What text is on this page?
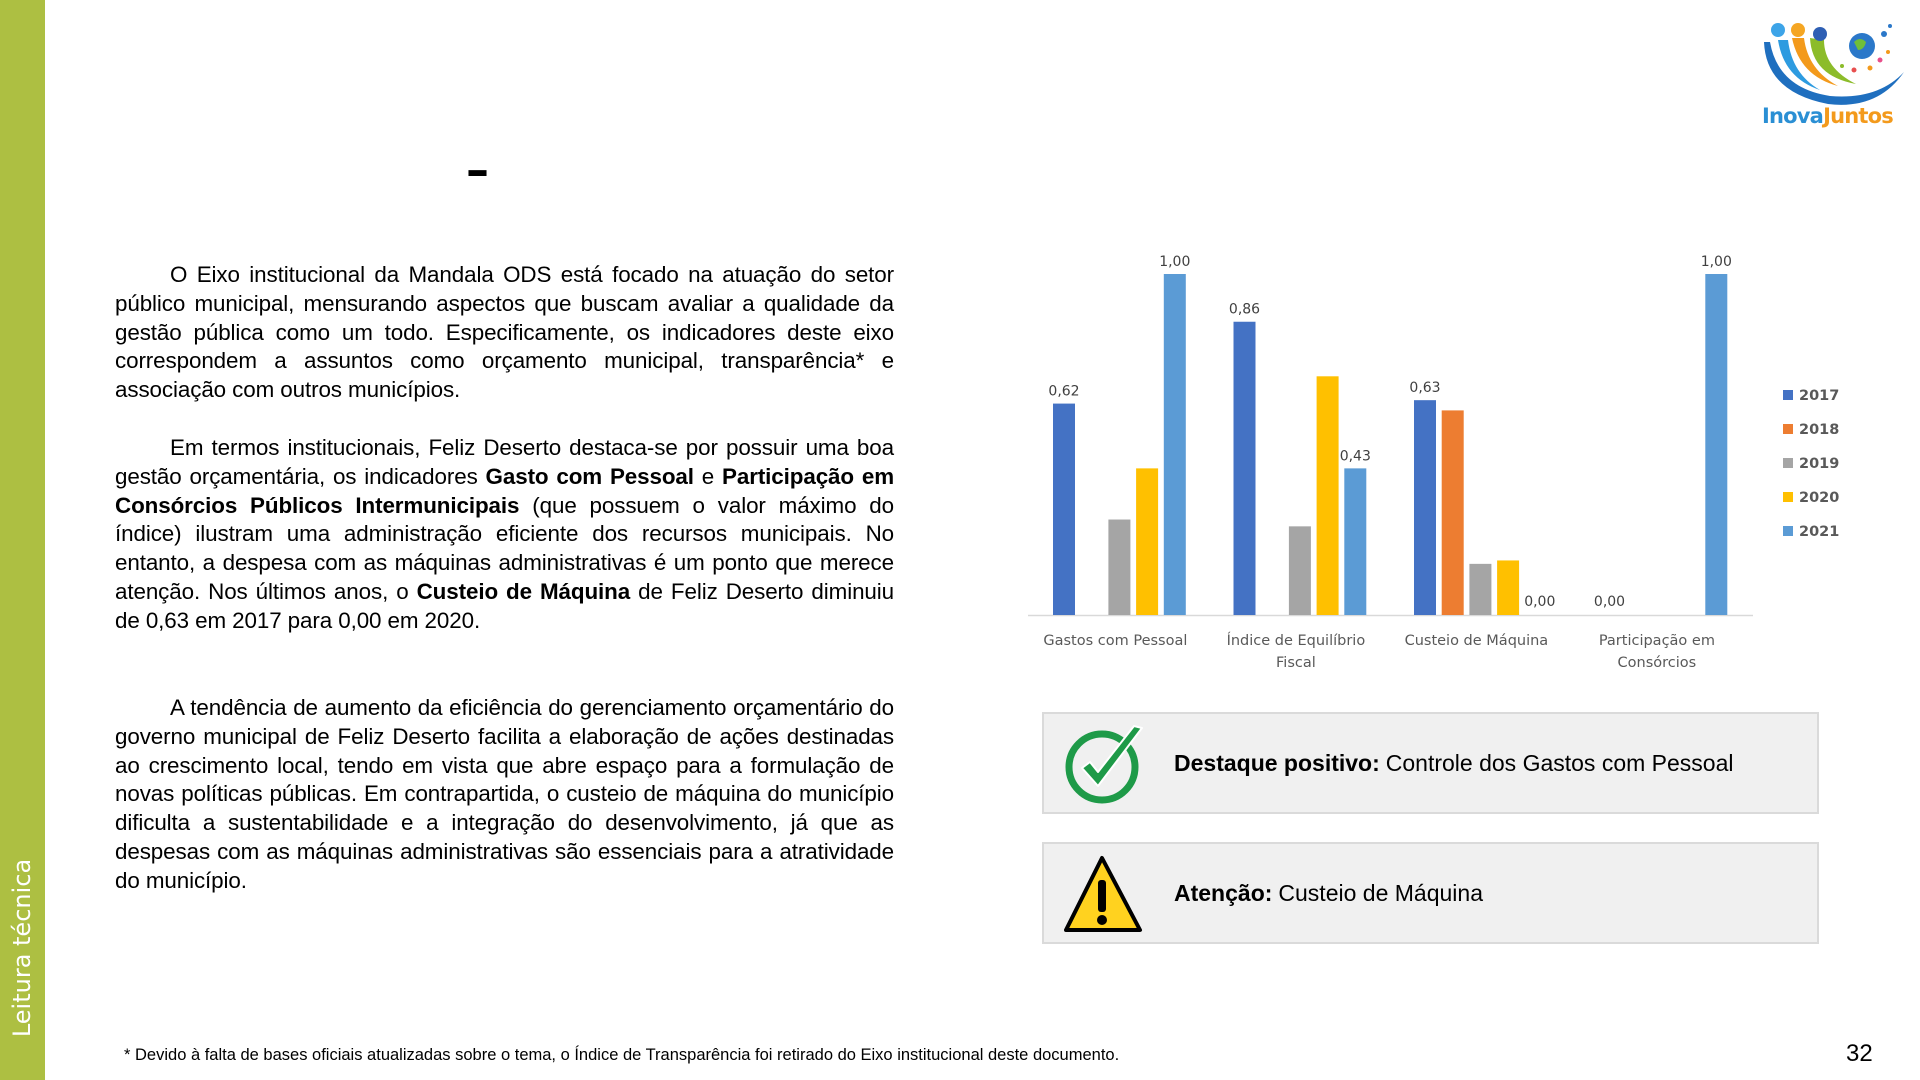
Leitura técnica
–
InovaJuntos

O Eixo institucional da Mandala ODS está focado na atuação do setor público municipal, mensurando aspectos que buscam avaliar a qualidade da gestão pública como um todo. Especificamente, os indicadores deste eixo correspondem a assuntos como orçamento municipal, transparência* e associação com outros municípios.

Em termos institucionais, Feliz Deserto destaca-se por possuir uma boa gestão orçamentária, os indicadores Gasto com Pessoal e Participação em Consórcios Públicos Intermunicipais (que possuem o valor máximo do índice) ilustram uma administração eficiente dos recursos municipais. No entanto, a despesa com as máquinas administrativas é um ponto que merece atenção. Nos últimos anos, o Custeio de Máquina de Feliz Deserto diminuiu de 0,63 em 2017 para 0,00 em 2020.

A tendência de aumento da eficiência do gerenciamento orçamentário do governo municipal de Feliz Deserto facilita a elaboração de ações destinadas ao crescimento local, tendo em vista que abre espaço para a formulação de novas políticas públicas. Em contrapartida, o custeio de máquina do município dificulta a sustentabilidade e a integração do desenvolvimento, já que as despesas com as máquinas administrativas são essenciais para a atratividade do município.

0,62
1,00
0,86
0,43
0,63
0,00	0,00
1,00
Gastos com Pessoal	Índice de Equilíbrio
Fiscal
Custeio de Máquina	Participação em
Consórcios
2017
2018
2019
2020
2021
Destaque positivo: Controle dos Gastos com Pessoal
Atenção: Custeio de Máquina
* Devido à falta de bases oficiais atualizadas sobre o tema, o Índice de Transparência foi retirado do Eixo institucional deste documento.	32
